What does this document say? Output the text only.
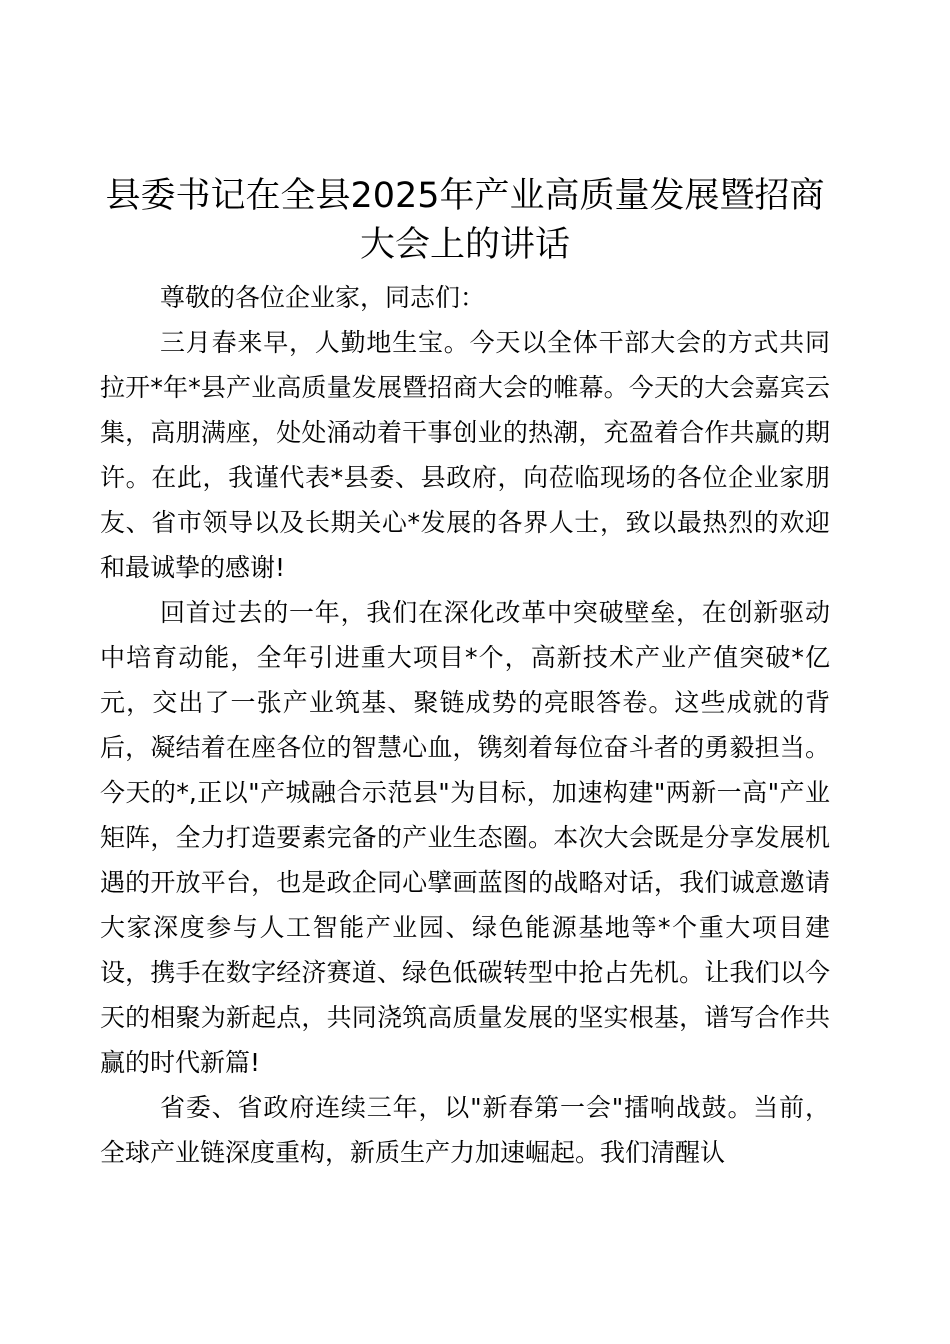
县委书记在全县2025年产业高质量发展暨招商大会上的讲话

尊敬的各位企业家，同志们：

三月春来早，人勤地生宝。今天以全体干部大会的方式共同拉开*年*县产业高质量发展暨招商大会的帷幕。今天的大会嘉宾云集，高朋满座，处处涌动着干事创业的热潮，充盈着合作共赢的期许。在此，我谨代表*县委、县政府，向莅临现场的各位企业家朋友、省市领导以及长期关心*发展的各界人士，致以最热烈的欢迎和最诚挚的感谢!

回首过去的一年，我们在深化改革中突破壁垒，在创新驱动中培育动能，全年引进重大项目*个，高新技术产业产值突破*亿元，交出了一张产业筑基、聚链成势的亮眼答卷。这些成就的背后，凝结着在座各位的智慧心血，镌刻着每位奋斗者的勇毅担当。今天的*,正以"产城融合示范县"为目标，加速构建"两新一高"产业矩阵，全力打造要素完备的产业生态圈。本次大会既是分享发展机遇的开放平台，也是政企同心擘画蓝图的战略对话，我们诚意邀请大家深度参与人工智能产业园、绿色能源基地等*个重大项目建设，携手在数字经济赛道、绿色低碳转型中抢占先机。让我们以今天的相聚为新起点，共同浇筑高质量发展的坚实根基，谱写合作共赢的时代新篇!

省委、省政府连续三年，以"新春第一会"擂响战鼓。当前，全球产业链深度重构，新质生产力加速崛起。我们清醒认
